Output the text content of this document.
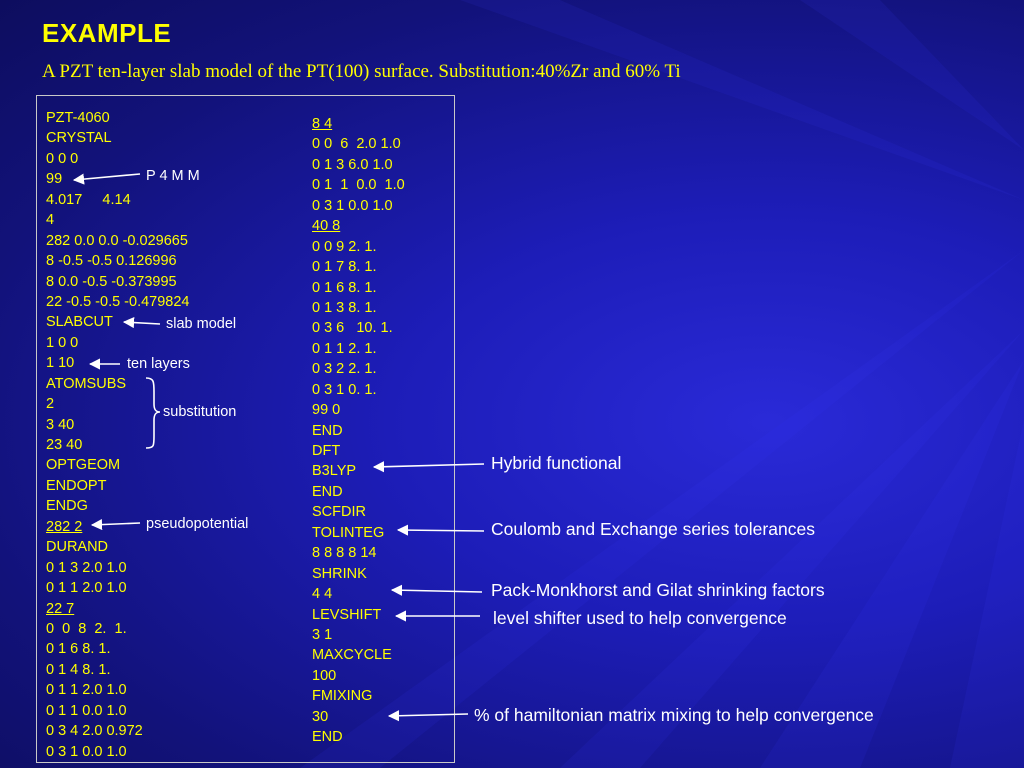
EXAMPLE
A PZT ten-layer slab model of the PT(100) surface. Substitution:40%Zr and 60% Ti
PZT-4060
CRYSTAL
0 0 0
99
4.017     4.14
4
282 0.0 0.0 -0.029665
8 -0.5 -0.5 0.126996
8 0.0 -0.5 -0.373995
22 -0.5 -0.5 -0.479824
SLABCUT
1 0 0
1 10
ATOMSUBS
2
3 40
23 40
OPTGEOM
ENDOPT
ENDG
282 2
DURAND
0 1 3 2.0 1.0
0 1 1 2.0 1.0
22 7
0  0  8  2.  1.
0 1 6 8. 1.
0 1 4 8. 1.
0 1 1 2.0 1.0
0 1 1 0.0 1.0
0 3 4 2.0 0.972
0 3 1 0.0 1.0
8 4
0 0  6  2.0 1.0
0 1 3 6.0 1.0
0 1  1  0.0  1.0
0 3 1 0.0 1.0
40 8
0 0 9 2. 1.
0 1 7 8. 1.
0 1 6 8. 1.
0 1 3 8. 1.
0 3 6   10. 1.
0 1 1 2. 1.
0 3 2 2. 1.
0 3 1 0. 1.
99 0
END
DFT
B3LYP
END
SCFDIR
TOLINTEG
8 8 8 8 14
SHRINK
4 4
LEVSHIFT
3 1
MAXCYCLE
100
FMIXING
30
END
P 4 M M
slab model
ten layers
substitution
pseudopotential
Hybrid functional
Coulomb and Exchange series tolerances
Pack-Monkhorst and Gilat shrinking factors
level shifter used to help convergence
% of hamiltonian matrix mixing to help convergence
